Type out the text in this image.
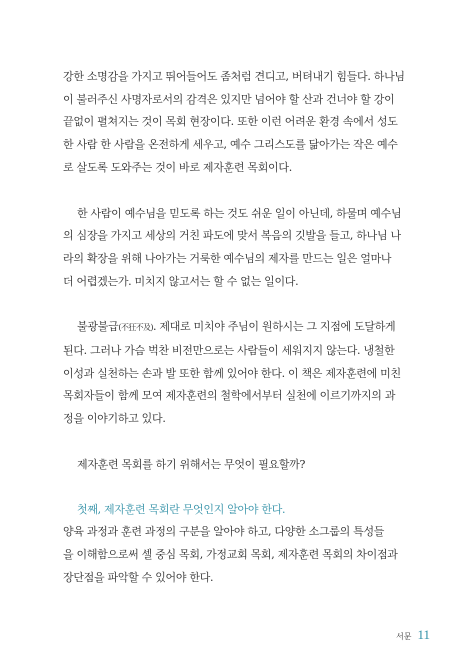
강한 소명감을 가지고 뛰어들어도 좀처럼 견디고, 버텨내기 힘들다. 하나님
이 불러주신 사명자로서의 감격은 있지만 넘어야 할 산과 건너야 할 강이
끝없이 펼쳐지는 것이 목회 현장이다. 또한 이런 어려운 환경 속에서 성도
한 사람 한 사람을 온전하게 세우고, 예수 그리스도를 닮아가는 작은 예수
로 살도록 도와주는 것이 바로 제자훈련 목회이다.

한 사람이 예수님을 믿도록 하는 것도 쉬운 일이 아닌데, 하물며 예수님
의 심장을 가지고 세상의 거친 파도에 맞서 복음의 깃발을 들고, 하나님 나
라의 확장을 위해 나아가는 거룩한 예수님의 제자를 만드는 일은 얼마나
더 어렵겠는가. 미치지 않고서는 할 수 없는 일이다.

불광불급(不狂不及). 제대로 미치야 주님이 원하시는 그 지점에 도달하게
된다. 그러나 가슴 벅찬 비전만으로는 사람들이 세워지지 않는다. 냉철한
이성과 실천하는 손과 발 또한 함께 있어야 한다. 이 책은 제자훈련에 미친
목회자들이 함께 모여 제자훈련의 철학에서부터 실천에 이르기까지의 과
정을 이야기하고 있다.

제자훈련 목회를 하기 위해서는 무엇이 필요할까?

첫째, 제자훈련 목회란 무엇인지 알아야 한다.
양육 과정과 훈련 과정의 구분을 알아야 하고, 다양한 소그룹의 특성들
을 이해함으로써 셀 중심 목회, 가정교회 목회, 제자훈련 목회의 차이점과
장단점을 파악할 수 있어야 한다.

서문 11
